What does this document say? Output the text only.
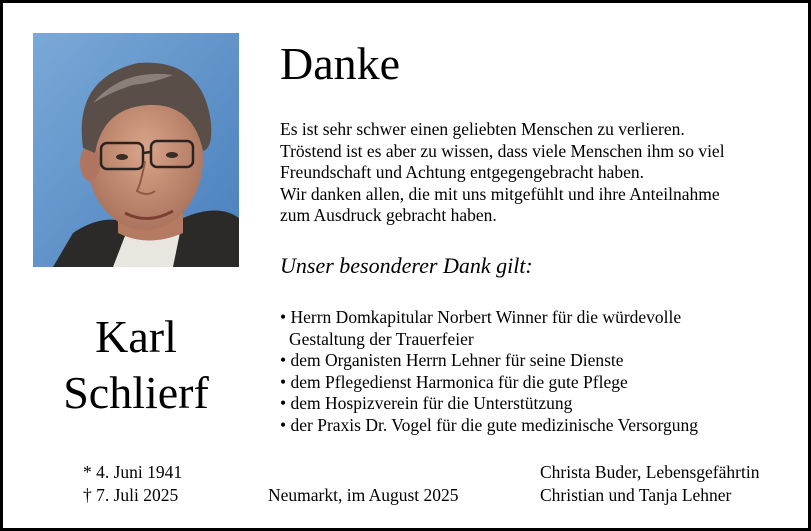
Karl
Schlierf
Danke
Es ist sehr schwer einen geliebten Menschen zu verlieren.
Tröstend ist es aber zu wissen, dass viele Menschen ihm so viel
Freundschaft und Achtung entgegengebracht haben.
Wir danken allen, die mit uns mitgefühlt und ihre Anteilnahme
zum Ausdruck gebracht haben.
Unser besonderer Dank gilt:
• Herrn Domkapitular Norbert Winner für die würdevolle
Gestaltung der Trauerfeier
• dem Organisten Herrn Lehner für seine Dienste
• dem Pflegedienst Harmonica für die gute Pflege
• dem Hospizverein für die Unterstützung
• der Praxis Dr. Vogel für die gute medizinische Versorgung
* 4. Juni 1941
† 7. Juli 2025	Neumarkt, im August 2025
Christa Buder, Lebensgefährtin
Christian und Tanja Lehner
